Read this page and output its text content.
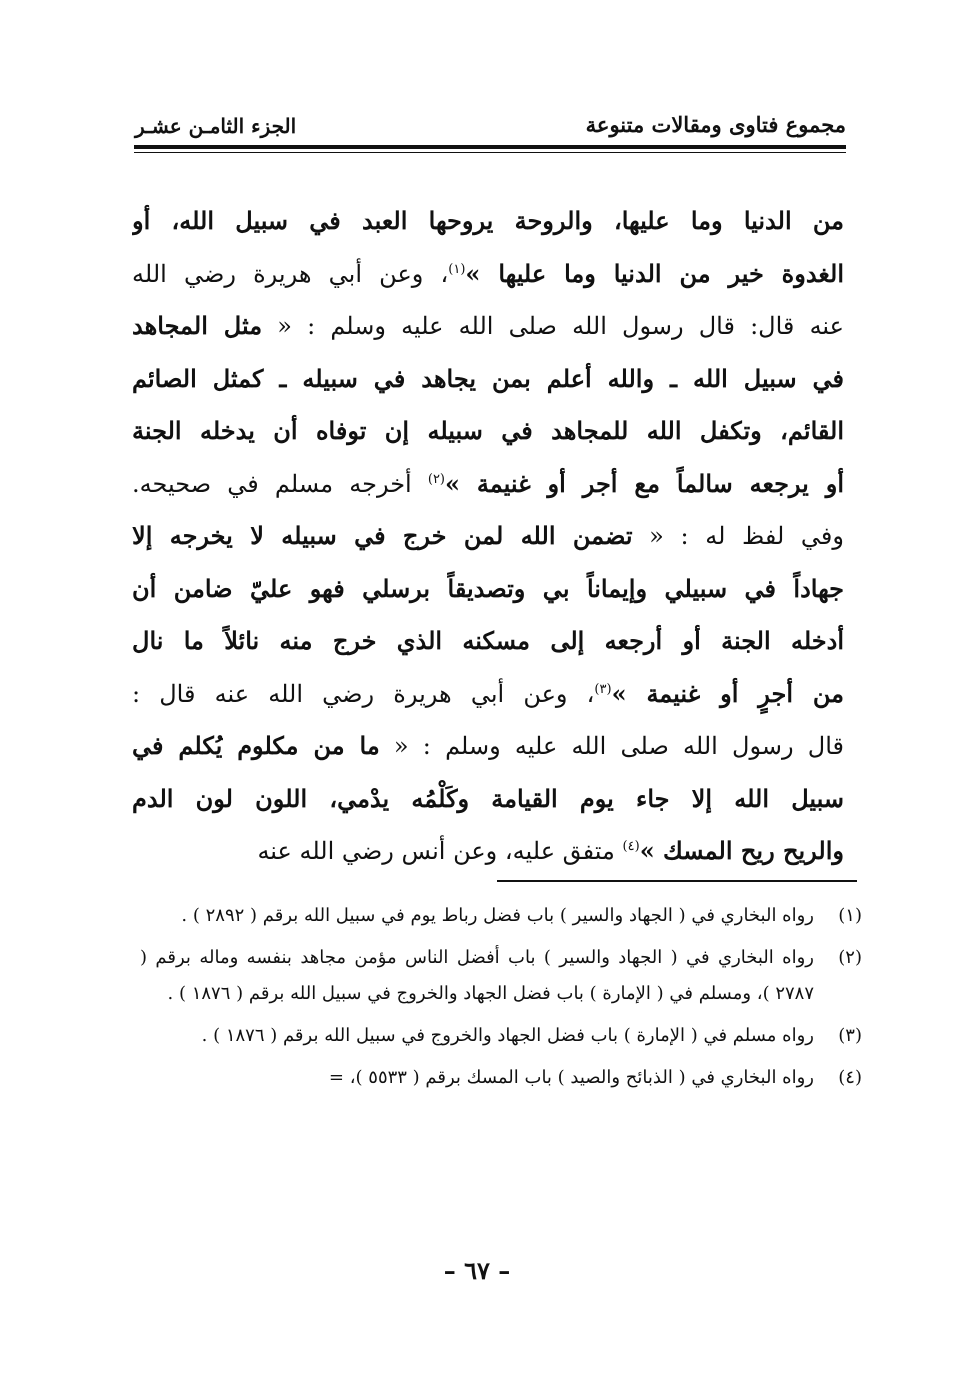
مجموع فتاوى ومقالات متنوعة
الجزء الثامـن عشـر
من الدنيا وما عليها، والروحة يروحها العبد في سبيل الله، أو
الغدوة خير من الدنيا وما عليها »$^{(١)}$، وعن أبي هريرة رضي الله
عنه قال: قال رسول الله صلى الله عليه وسلم : « مثل المجاهد
في سبيل الله ـ والله أعلم بمن يجاهد في سبيله ـ كمثل الصائم
القائم، وتكفل الله للمجاهد في سبيله إن توفاه أن يدخله الجنة
أو يرجعه سالماً مع أجر أو غنيمة »$^{(٢)}$ أخرجه مسلم في صحيحه.
وفي لفظ له : « تضمن الله لمن خرج في سبيله لا يخرجه إلا
جهاداً في سبيلي وإيماناً بي وتصديقاً برسلي فهو عليّ ضامن أن
أدخله الجنة أو أرجعه إلى مسكنه الذي خرج منه نائلاً ما نال
من أجرٍ أو غنيمة »$^{(٣)}$، وعن أبي هريرة رضي الله عنه قال :
قال رسول الله صلى الله عليه وسلم : « ما من مكلوم يُكلم في
سبيل الله إلا جاء يوم القيامة وكَلْمُه يدْمي، اللون لون الدم
والريح ريح المسك »$^{(٤)}$ متفق عليه، وعن أنس رضي الله عنه
(١)
رواه البخاري في ( الجهاد والسير ) باب فضل رباط يوم في سبيل الله برقم ( ٢٨٩٢ ) .
(٢)
رواه البخاري في ( الجهاد والسير ) باب أفضل الناس مؤمن مجاهد بنفسه وماله برقم ( ٢٧٨٧ )، ومسلم في ( الإمارة ) باب فضل الجهاد والخروج في سبيل الله برقم ( ١٨٧٦ ) .
(٣)
رواه مسلم في ( الإمارة ) باب فضل الجهاد والخروج في سبيل الله برقم ( ١٨٧٦ ) .
(٤)
رواه البخاري في ( الذبائح والصيد ) باب المسك برقم ( ٥٥٣٣ )، =
– ٦٧ –
